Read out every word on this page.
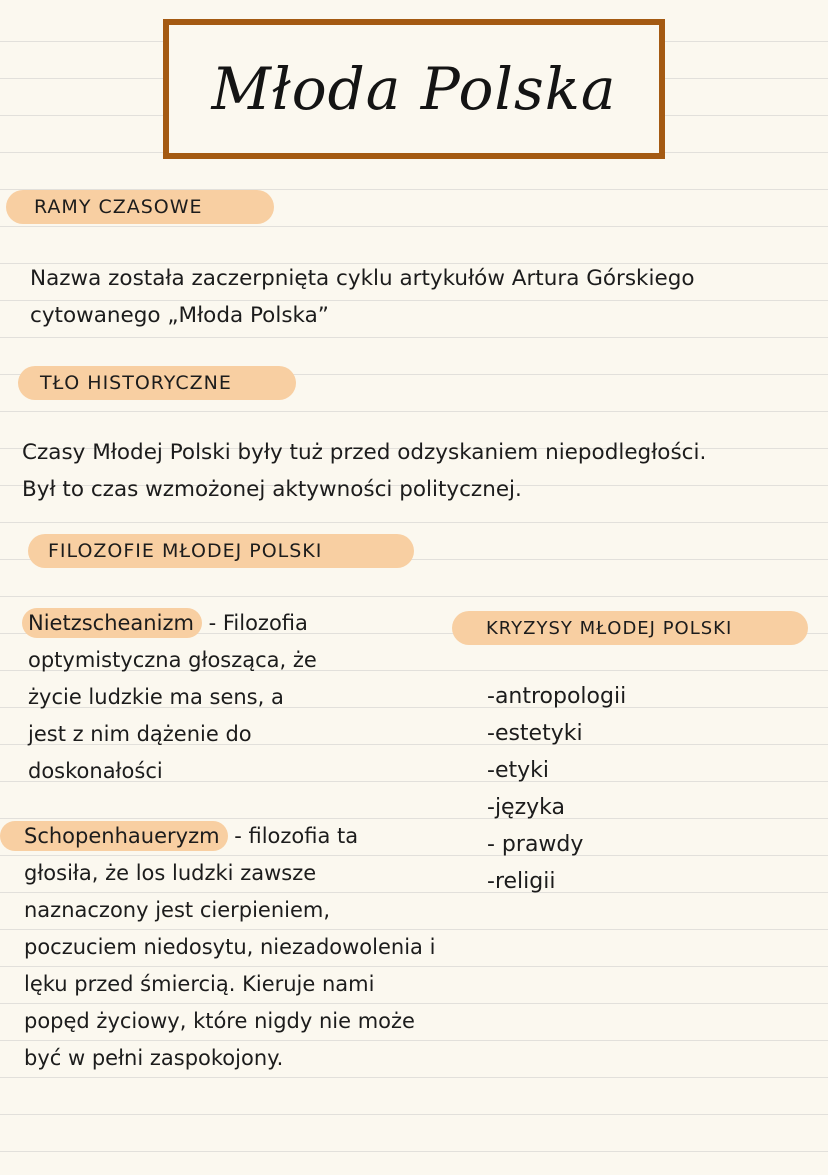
Młoda Polska
RAMY CZASOWE

Nazwa została zaczerpnięta cyklu artykułów Artura Górskiego
cytowanego „Młoda Polska”

TŁO HISTORYCZNE

Czasy Młodej Polski były tuż przed odzyskaniem niepodległości.
Był to czas wzmożonej aktywności politycznej.

FILOZOFIE MŁODEJ POLSKI

Nietzscheanizm - Filozofia
optymistyczna głosząca, że
życie ludzkie ma sens, a
jest z nim dążenie do
doskonałości

Schopenhaueryzm - filozofia ta
głosiła, że los ludzki zawsze
naznaczony jest cierpieniem,
poczuciem niedosytu, niezadowolenia i
lęku przed śmiercią. Kieruje nami
popęd życiowy, które nigdy nie może
być w pełni zaspokojony.

KRYZYSY MŁODEJ POLSKI
-antropologii
-estetyki
-etyki
-języka
- prawdy
-religii
